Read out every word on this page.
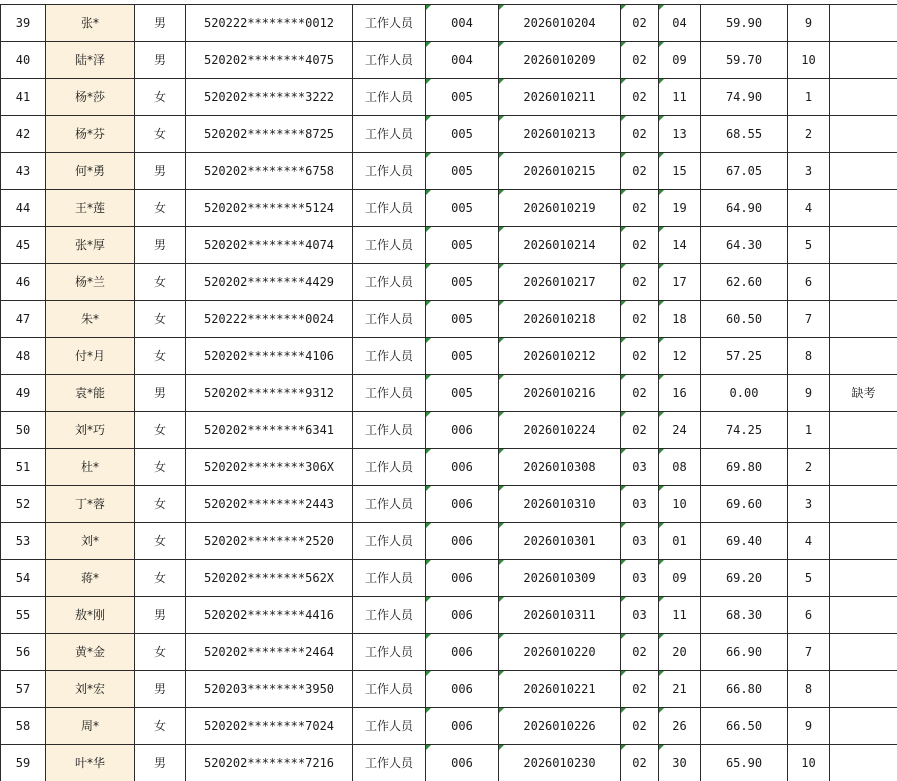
39	张*	男	520222********0012	工作人员	004	2026010204	02	04	59.90	9	
40	陆*泽	男	520202********4075	工作人员	004	2026010209	02	09	59.70	10	
41	杨*莎	女	520202********3222	工作人员	005	2026010211	02	11	74.90	1	
42	杨*芬	女	520202********8725	工作人员	005	2026010213	02	13	68.55	2	
43	何*勇	男	520202********6758	工作人员	005	2026010215	02	15	67.05	3	
44	王*莲	女	520202********5124	工作人员	005	2026010219	02	19	64.90	4	
45	张*厚	男	520202********4074	工作人员	005	2026010214	02	14	64.30	5	
46	杨*兰	女	520202********4429	工作人员	005	2026010217	02	17	62.60	6	
47	朱*	女	520222********0024	工作人员	005	2026010218	02	18	60.50	7	
48	付*月	女	520202********4106	工作人员	005	2026010212	02	12	57.25	8	
49	袁*能	男	520202********9312	工作人员	005	2026010216	02	16	0.00	9	缺考
50	刘*巧	女	520202********6341	工作人员	006	2026010224	02	24	74.25	1	
51	杜*	女	520202********306X	工作人员	006	2026010308	03	08	69.80	2	
52	丁*蓉	女	520202********2443	工作人员	006	2026010310	03	10	69.60	3	
53	刘*	女	520202********2520	工作人员	006	2026010301	03	01	69.40	4	
54	蒋*	女	520202********562X	工作人员	006	2026010309	03	09	69.20	5	
55	敖*刚	男	520202********4416	工作人员	006	2026010311	03	11	68.30	6	
56	黄*金	女	520202********2464	工作人员	006	2026010220	02	20	66.90	7	
57	刘*宏	男	520203********3950	工作人员	006	2026010221	02	21	66.80	8	
58	周*	女	520202********7024	工作人员	006	2026010226	02	26	66.50	9	
59	叶*华	男	520202********7216	工作人员	006	2026010230	02	30	65.90	10	
